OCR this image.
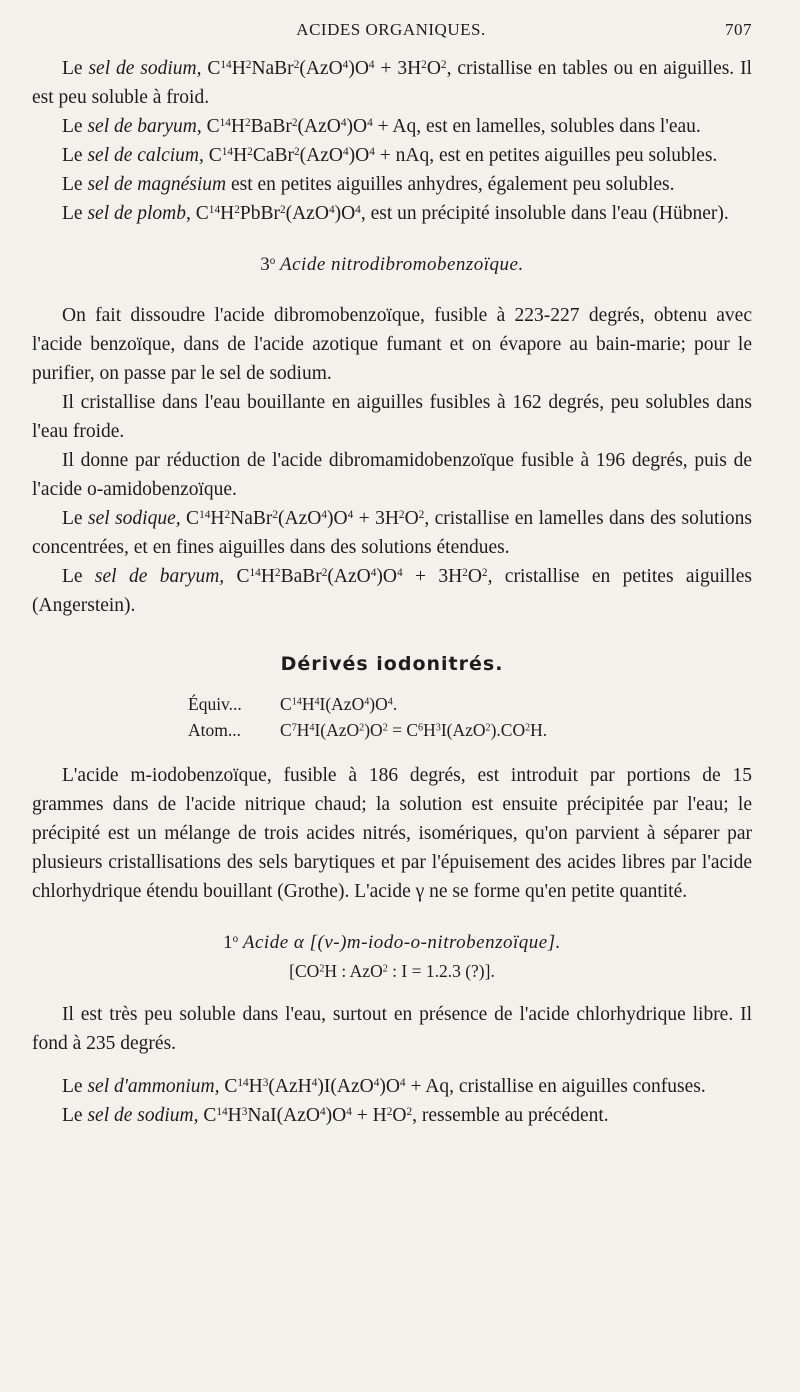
ACIDES ORGANIQUES.	707

Le sel de sodium, $C^{14}H^2NaBr^2(AzO^4)O^4 + 3H^2O^2$, cristallise en tables ou en aiguilles. Il est peu soluble à froid.

Le sel de baryum, $C^{14}H^2BaBr^2(AzO^4)O^4 + Aq$, est en lamelles, solubles dans l'eau.

Le sel de calcium, $C^{14}H^2CaBr^2(AzO^4)O^4$ + nAq, est en petites aiguilles peu solubles.

Le sel de magnésium est en petites aiguilles anhydres, également peu solubles.

Le sel de plomb, $C^{14}H^2PbBr^2(AzO^4)O^4$, est un précipité insoluble dans l'eau (Hübner).

3$^o$ Acide nitrodibromobenzoïque.

On fait dissoudre l'acide dibromobenzoïque, fusible à 223-227 degrés, obtenu avec l'acide benzoïque, dans de l'acide azotique fumant et on évapore au bain-marie; pour le purifier, on passe par le sel de sodium.

Il cristallise dans l'eau bouillante en aiguilles fusibles à 162 degrés, peu solubles dans l'eau froide.

Il donne par réduction de l'acide dibromamidobenzoïque fusible à 196 degrés, puis de l'acide o-amidobenzoïque.

Le sel sodique, $C^{14}H^2NaBr^2(AzO^4)O^4 + 3H^2O^2$, cristallise en lamelles dans des solutions concentrées, et en fines aiguilles dans des solutions étendues.

Le sel de baryum, $C^{14}H^2BaBr^2(AzO^4)O^4 + 3H^2O^2$, cristallise en petites aiguilles (Angerstein).

Dérivés iodonitrés.

Équiv... $C^{14}H^4I(AzO^4)O^4$.
Atom... $C^7H^4I(AzO^2)O^2 = C^6H^3I(AzO^2).CO^2H$.

L'acide m-iodobenzoïque, fusible à 186 degrés, est introduit par portions de 15 grammes dans de l'acide nitrique chaud; la solution est ensuite précipitée par l'eau; le précipité est un mélange de trois acides nitrés, isomériques, qu'on parvient à séparer par plusieurs cristallisations des sels barytiques et par l'épuisement des acides libres par l'acide chlorhydrique étendu bouillant (Grothe). L'acide γ ne se forme qu'en petite quantité.

1$^o$ Acide α [(v-)m-iodo-o-nitrobenzoïque].

[$CO^2H$ : AzO$^2$ : I = 1.2.3 (?)].

Il est très peu soluble dans l'eau, surtout en présence de l'acide chlorhydrique libre. Il fond à 235 degrés.

Le sel d'ammonium, $C^{14}H^3(AzH^4)I(AzO^4)O^4 + Aq$, cristallise en aiguilles confuses.

Le sel de sodium, $C^{14}H^3NaI(AzO^4)O^4 + H^2O^2$, ressemble au précédent.
